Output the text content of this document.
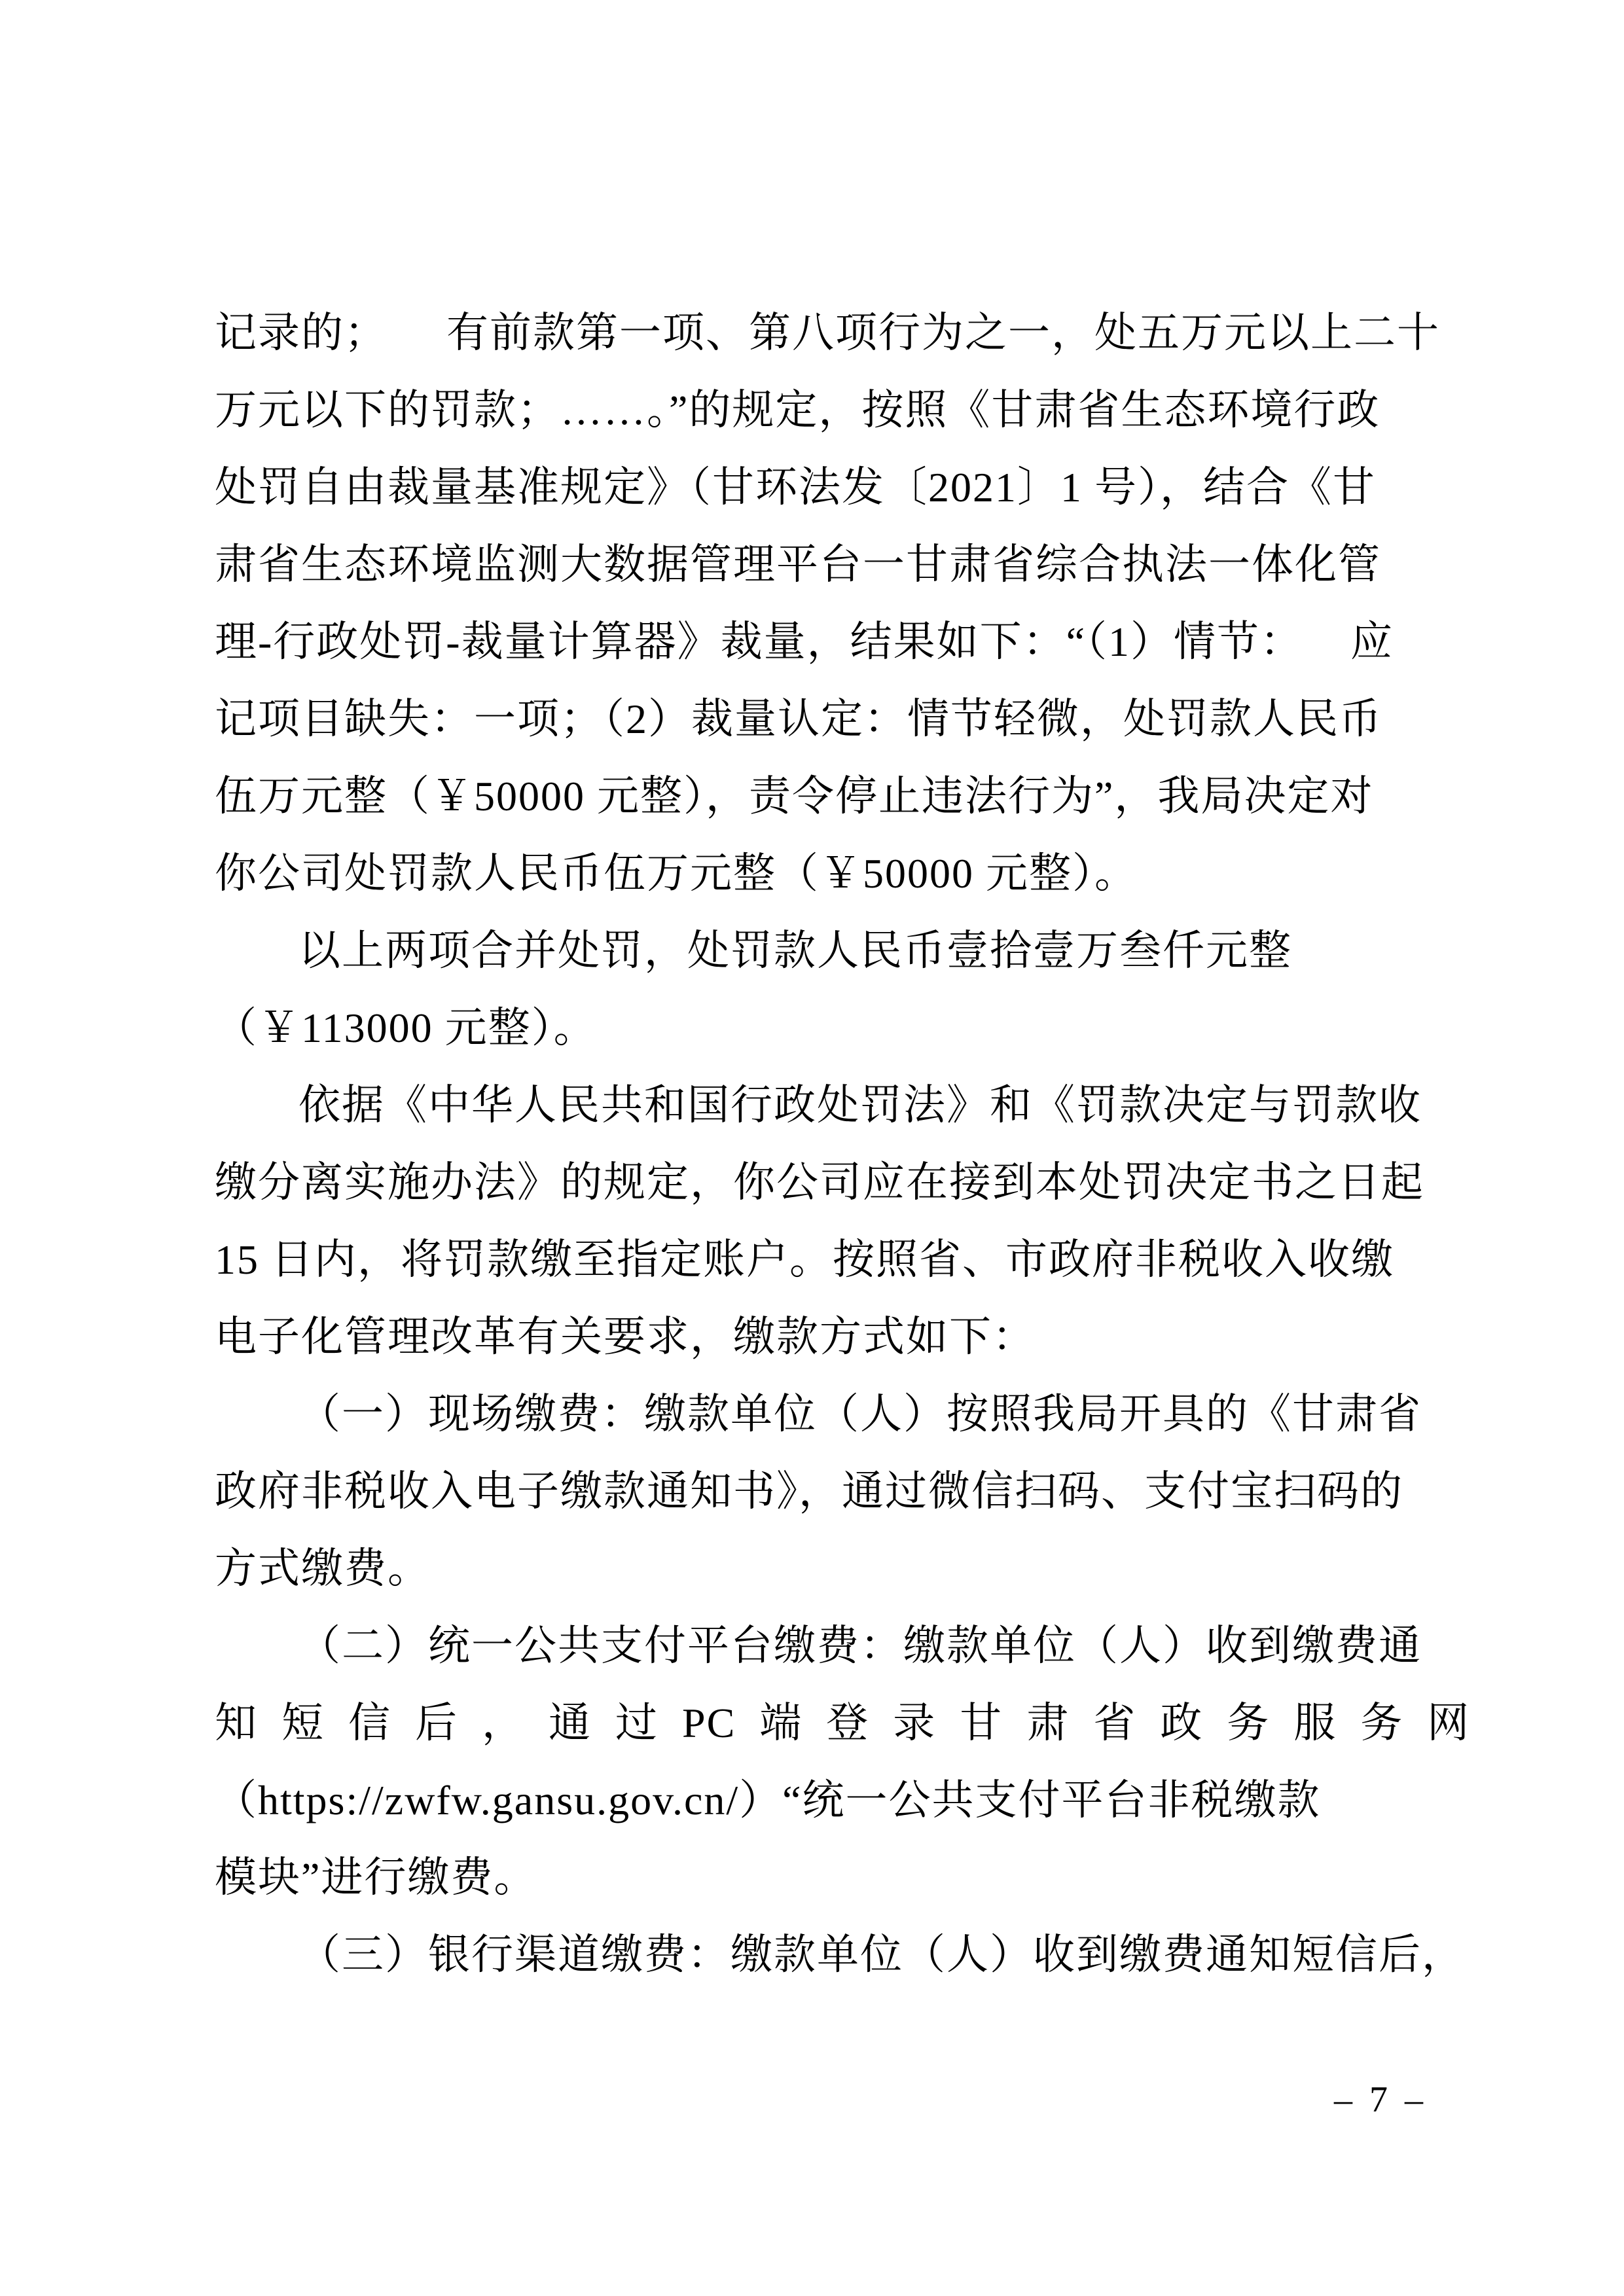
记录的；     有前款第一项、第八项行为之一，处五万元以上二十
万元以下的罚款；……。”的规定，按照《甘肃省生态环境行政
处罚自由裁量基准规定》（甘环法发〔2021〕1 号），结合《甘
肃省生态环境监测大数据管理平台一甘肃省综合执法一体化管
理-行政处罚-裁量计算器》裁量，结果如下：“（1）情节：    应
记项目缺失：一项；（2）裁量认定：情节轻微，处罚款人民币
伍万元整（￥50000 元整），责令停止违法行为”，我局决定对
你公司处罚款人民币伍万元整（￥50000 元整）。
以上两项合并处罚，处罚款人民币壹拾壹万叁仟元整
（￥113000 元整）。
依据《中华人民共和国行政处罚法》和《罚款决定与罚款收
缴分离实施办法》的规定，你公司应在接到本处罚决定书之日起
15 日内，将罚款缴至指定账户。按照省、市政府非税收入收缴
电子化管理改革有关要求，缴款方式如下：
（一）现场缴费：缴款单位（人）按照我局开具的《甘肃省
政府非税收入电子缴款通知书》，通过微信扫码、支付宝扫码的
方式缴费。
（二）统一公共支付平台缴费：缴款单位（人）收到缴费通
知  短  信  后  ，  通  过  PC  端  登  录  甘  肃  省  政  务  服  务  网
（https://zwfw.gansu.gov.cn/）“统一公共支付平台非税缴款
模块”进行缴费。
（三）银行渠道缴费：缴款单位（人）收到缴费通知短信后，
– 7 –
